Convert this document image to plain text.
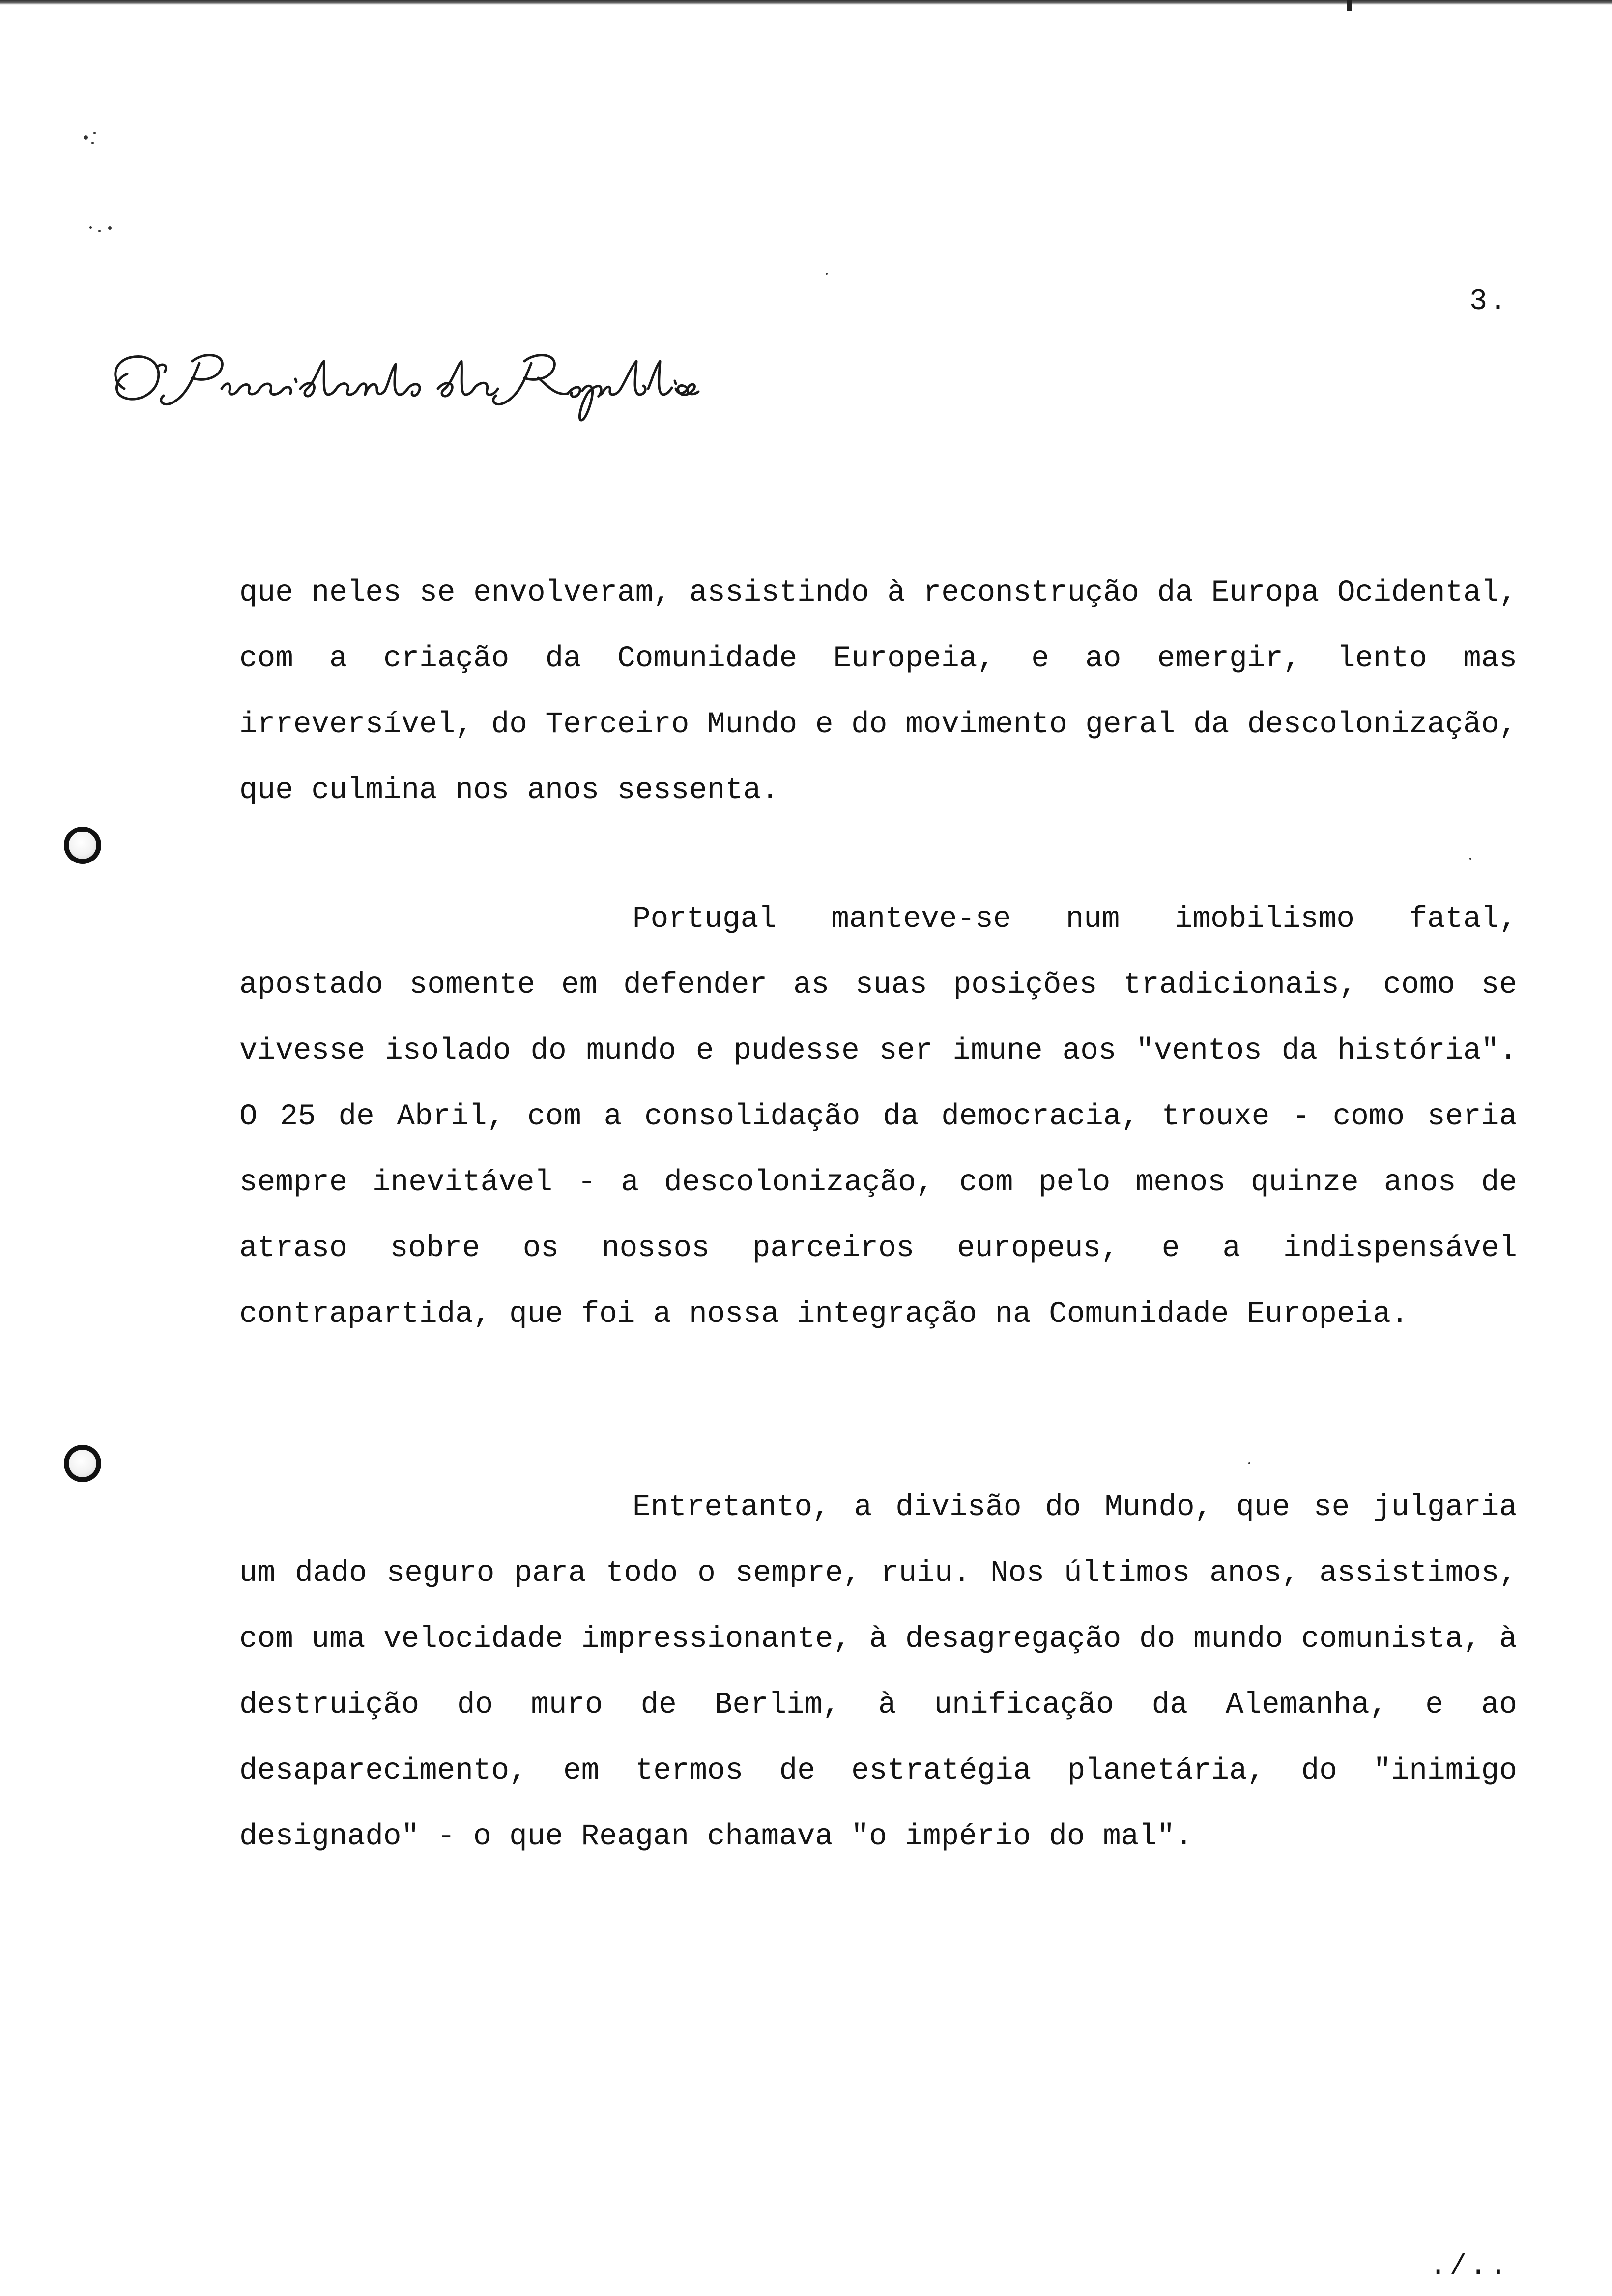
3.

que neles se envolveram, assistindo à reconstrução da Europa Ocidental, com a criação da Comunidade Europeia, e ao emergir, lento mas irreversível, do Terceiro Mundo e do movimento geral da descolonização, que culmina nos anos sessenta.

Portugal manteve-se num imobilismo fatal, apostado somente em defender as suas posições tradicionais, como se vivesse isolado do mundo e pudesse ser imune aos "ventos da história". O 25 de Abril, com a consolidação da democracia, trouxe - como seria sempre inevitável - a descolonização, com pelo menos quinze anos de atraso sobre os nossos parceiros europeus, e a indispensável contrapartida, que foi a nossa integração na Comunidade Europeia.

Entretanto, a divisão do Mundo, que se julgaria um dado seguro para todo o sempre, ruiu. Nos últimos anos, assistimos, com uma velocidade impressionante, à desagregação do mundo comunista, à destruição do muro de Berlim, à unificação da Alemanha, e ao desaparecimento, em termos de estratégia planetária, do "inimigo designado" - o que Reagan chamava "o império do mal".

./..
